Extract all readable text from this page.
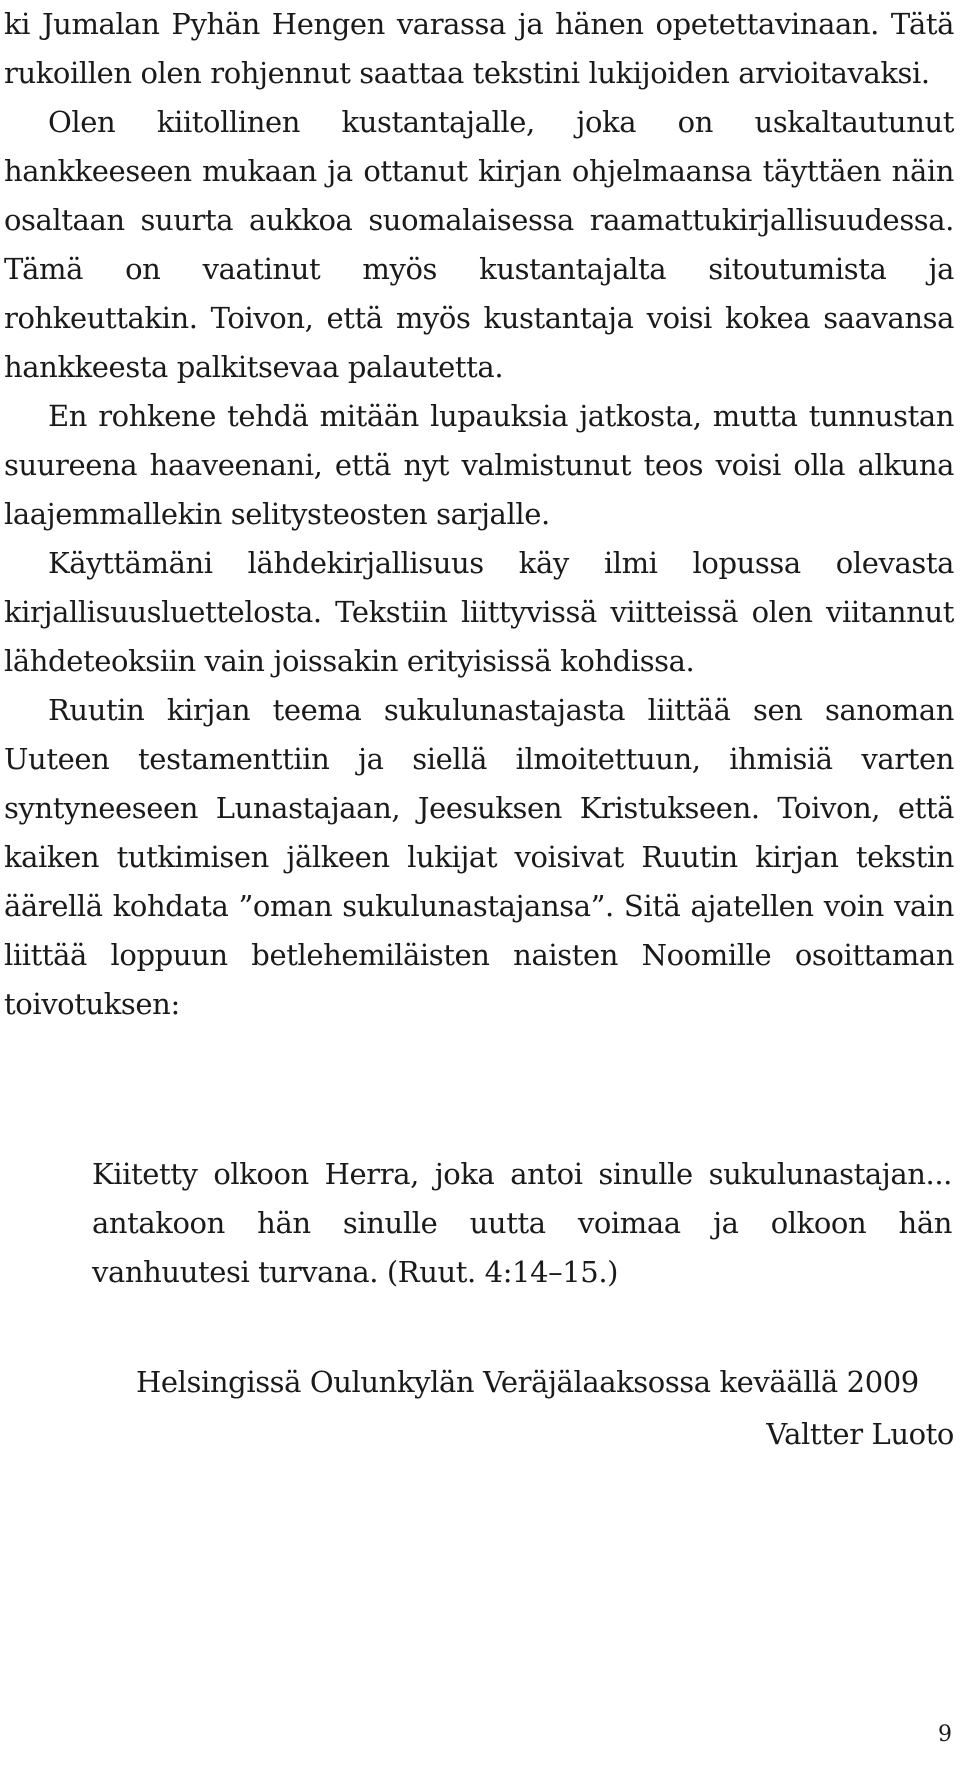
ki Jumalan Pyhän Hengen varassa ja hänen opetettavinaan. Tätä rukoillen olen rohjennut saattaa tekstini lukijoiden arvioitavaksi.

Olen kiitollinen kustantajalle, joka on uskaltautunut hankkeeseen mukaan ja ottanut kirjan ohjelmaansa täyttäen näin osaltaan suurta aukkoa suomalaisessa raamattukirjallisuudessa. Tämä on vaatinut myös kustantajalta sitoutumista ja rohkeuttakin. Toivon, että myös kustantaja voisi kokea saavansa hankkeesta palkitsevaa palautetta.

En rohkene tehdä mitään lupauksia jatkosta, mutta tunnustan suureena haaveenani, että nyt valmistunut teos voisi olla alkuna laajemmallekin selitysteosten sarjalle.

Käyttämäni lähdekirjallisuus käy ilmi lopussa olevasta kirjallisuusluettelosta. Tekstiin liittyvissä viitteissä olen viitannut lähdeteoksiin vain joissakin erityisissä kohdissa.

Ruutin kirjan teema sukulunastajasta liittää sen sanoman Uuteen testamenttiin ja siellä ilmoitettuun, ihmisiä varten syntyneeseen Lunastajaan, Jeesuksen Kristukseen. Toivon, että kaiken tutkimisen jälkeen lukijat voisivat Ruutin kirjan tekstin äärellä kohdata ”oman sukulunastajansa”. Sitä ajatellen voin vain liittää loppuun betlehemiläisten naisten Noomille osoittaman toivotuksen:

Kiitetty olkoon Herra, joka antoi sinulle sukulunastajan... antakoon hän sinulle uutta voimaa ja olkoon hän vanhuutesi turvana. (Ruut. 4:14–15.)

Helsingissä Oulunkylän Veräjälaaksossa keväällä 2009
Valtter Luoto
9
